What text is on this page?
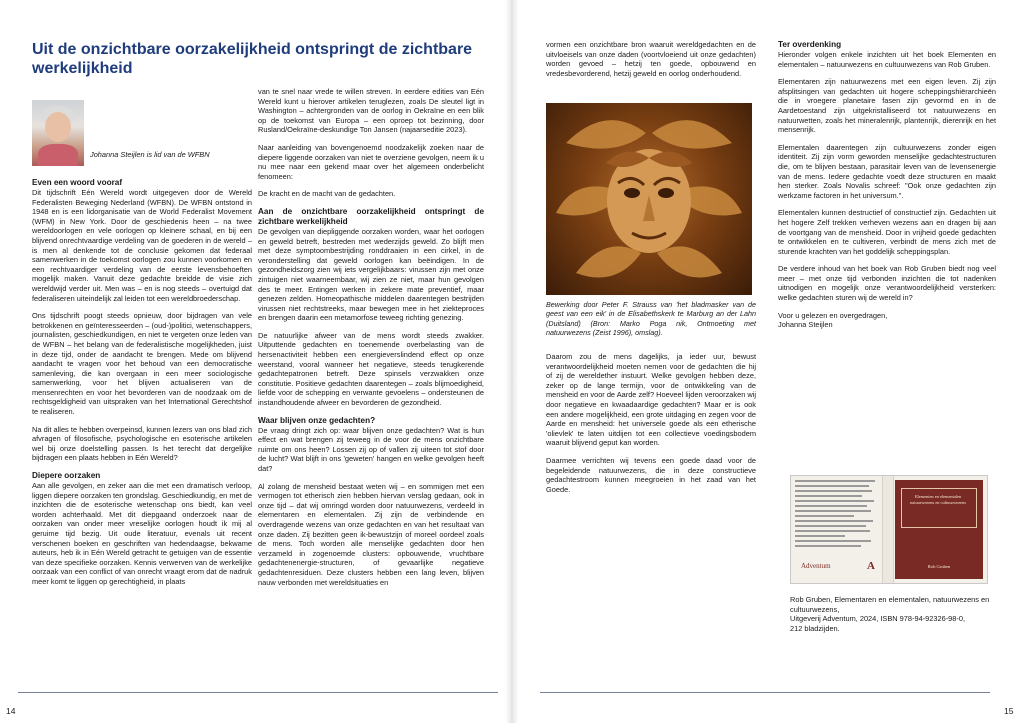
Uit de onzichtbare oorzakelijkheid ontspringt de zichtbare werkelijkheid
Johanna Steijlen is lid van de WFBN
Even een woord vooraf

Dit tijdschrift Eén Wereld wordt uitgegeven door de Wereld Federalisten Beweging Nederland (WFBN). De WFBN ontstond in 1948 en is een lidorganisatie van de World Federalist Movement (WFM) in New York. Door de geschiedenis heen – na twee wereldoorlogen en vele oorlogen op kleinere schaal, en bij een blijvend onrechtvaardige verdeling van de goederen in de wereld – is men al denkende tot de conclusie gekomen dat federaal samenwerken in de toekomst oorlogen zou kunnen voorkomen en een rechtvaardiger verdeling van de eerste levensbehoeften mogelijk maken. Vanuit deze gedachte breidde de visie zich wereldwijd verder uit. Men was – en is nog steeds – overtuigd dat federaliseren uiteindelijk zal leiden tot een wereldbroederschap.

Ons tijdschrift poogt steeds opnieuw, door bijdragen van vele betrokkenen en geïnteresseerden – (oud-)politici, wetenschappers, journalisten, geschiedkundigen, en niet te vergeten onze leden van de WFBN – het belang van de federalistische mogelijkheden, juist in deze tijd, onder de aandacht te brengen. Mede om blijvend aandacht te vragen voor het behoud van een democratische samenleving, die kan overgaan in een meer sociologische samenwerking, voor het blijven actualiseren van de mensenrechten en voor het bevorderen van de noodzaak om de rechtsgeldigheid van uitspraken van het International Gerechtshof te realiseren.

Na dit alles te hebben overpeinsd, kunnen lezers van ons blad zich afvragen of filosofische, psychologische en esoterische artikelen wel bij onze doelstelling passen. Is het terecht dat dergelijke bijdragen een plaats hebben in Eén Wereld?

Diepere oorzaken

Aan alle gevolgen, en zeker aan die met een dramatisch verloop, liggen diepere oorzaken ten grondslag. Geschiedkundig, en met de inzichten die de esoterische wetenschap ons biedt, kan veel worden achterhaald. Met dit diepgaand onderzoek naar de oorzaken van onder meer vreselijke oorlogen houdt ik mij al geruime tijd bezig. Uit oude literatuur, evenals uit recent verschenen boeken en geschriften van hedendaagse, bekwame auteurs, heb ik in Eén Wereld getracht te getuigen van de essentie van deze specifieke oorzaken. Kennis verwerven van de werkelijke oorzaak van een conflict of van onrecht vraagt erom dat de nadruk meer komt te liggen op gerechtigheid, in plaats

van te snel naar vrede te willen streven. In eerdere edities van Eén Wereld kunt u hierover artikelen teruglezen, zoals De sleutel ligt in Washington – achtergronden van de oorlog in Oekraïne en een blik op de toekomst van Europa – een oproep tot bezinning, door Rusland/Oekraïne-deskundige Ton Jansen (najaarseditie 2023).

Naar aanleiding van bovengenoemd noodzakelijk zoeken naar de diepere liggende oorzaken van niet te overziene gevolgen, neem ik u nu mee naar een gekend maar over het algemeen onderbelicht fenomeen:

De kracht en de macht van de gedachten.

Aan de onzichtbare oorzakelijkheid ontspringt de zichtbare werkelijkheid

De gevolgen van diepliggende oorzaken worden, waar het oorlogen en geweld betreft, bestreden met wederzijds geweld. Zo blijft men met deze symptoombestrijding ronddraaien in een cirkel, in de veronderstelling dat geweld oorlogen kan beëindigen. In de gezondheidszorg zien wij iets vergelijkbaars: virussen zijn met onze zintuigen niet waarneembaar, wij zien ze niet, maar hun gevolgen des te meer. Entingen werken in zekere mate preventief, maar genezen zelden. Homeopathische middelen daarentegen bestrijden virussen niet rechtstreeks, maar bewegen mee in het ziekteproces en brengen daarin een metamorfose teweeg richting genezing.

De natuurlijke afweer van de mens wordt steeds zwakker. Uitputtende gedachten en toenemende overbelasting van de hersenactiviteit hebben een energieverslindend effect op onze weerstand, vooral wanneer het negatieve, steeds terugkerende gedachtepatronen betreft. Deze spinsels verzwakken onze constitutie. Positieve gedachten daarentegen – zoals blijmoedigheid, liefde voor de schepping en verwante gevoelens – ondersteunen de instandhoudende afweer en bevorderen de gezondheid.

Waar blijven onze gedachten?

De vraag dringt zich op: waar blijven onze gedachten? Wat is hun effect en wat brengen zij teweeg in de voor de mens onzichtbare ruimte om ons heen? Lossen zij op of vallen zij uiteen tot stof door de lucht? Wat blijft in ons 'geweten' hangen en welke gevolgen heeft dat?

Al zolang de mensheid bestaat weten wij – en sommigen met een vermogen tot etherisch zien hebben hiervan verslag gedaan, ook in onze tijd – dat wij omringd worden door natuurwezens, verdeeld in elementaren en elementalen. Zij zijn de verbindende en overdragende wezens van onze gedachten en van het resultaat van onze daden. Zij bezitten geen ik-bewustzijn of moreel oordeel zoals de mens. Toch worden alle menselijke gedachten door hen verzameld in zogenoemde clusters: opbouwende, vruchtbare gedachtenenergie-structuren, of gevaarlijke negatieve gedachtenresiduen. Deze clusters hebben een lang leven, blijven nauw verbonden met wereldsituaties en

14

vormen een onzichtbare bron waaruit wereldgedachten en de uitvloeisels van onze daden (voortvloeiend uit onze gedachten) worden gevoed – hetzij ten goede, opbouwend en vredesbevorderend, hetzij geweld en oorlog onderhoudend.

Bewerking door Peter F. Strauss van 'het bladmasker van de geest van een eik' in de Elisabethskerk te Marburg an der Lahn (Duitsland) (Bron: Marko Poga nik, Ontmoeting met natuurwezens (Zeist 1996), omslag).

Daarom zou de mens dagelijks, ja ieder uur, bewust verantwoordelijkheid moeten nemen voor de gedachten die hij of zij de wereldether instuurt. Welke gevolgen hebben deze, zeker op de lange termijn, voor de ontwikkeling van de mensheid en voor de Aarde zelf? Hoeveel lijden veroorzaken wij door negatieve en kwaadaardige gedachten? Maar er is ook een andere mogelijkheid, een grote uitdaging en zegen voor de Aarde en mensheid: het universele goede als een etherische 'olievlek' te laten uitdijen tot een collectieve voedingsbodem waaruit blijvend geput kan worden.

Daarmee verrichten wij tevens een goede daad voor de begeleidende natuurwezens, die in deze constructieve gedachtestroom kunnen meegroeien in het zaad van het Goede.

Ter overdenking

Hieronder volgen enkele inzichten uit het boek Elementen en elementalen – natuurwezens en cultuurwezens van Rob Gruben.

Elementaren zijn natuurwezens met een eigen leven. Zij zijn afsplitsingen van gedachten uit hogere scheppingshiërarchieën die in vroegere planetaire fasen zijn gevormd en in de Aardetoestand zijn uitgekristalliseerd tot natuurwezens en natuurwetten, zoals het mineralenrijk, plantenrijk, dierenrijk en het mensenrijk.

Elementalen daarentegen zijn cultuurwezens zonder eigen identiteit. Zij zijn vorm geworden menselijke gedachtestructuren die, om te blijven bestaan, parasitair leven van de levensenergie van de mens. Iedere gedachte voedt deze structuren en maakt hen sterker. Zoals Novalis schreef: "Ook onze gedachten zijn werkzame factoren in het universum.".

Elementalen kunnen destructief of constructief zijn. Gedachten uit het hogere Zelf trekken verheven wezens aan en dragen bij aan de voortgang van de mensheid. Door in vrijheid goede gedachten te ontwikkelen en te cultiveren, verbindt de mens zich met de sturende krachten van het goddelijk scheppingsplan.

De verdere inhoud van het boek van Rob Gruben biedt nog veel meer – met onze tijd verbonden inzichten die tot nadenken uitnodigen en mogelijk onze verantwoordelijkheid versterken: welke gedachten sturen wij de wereld in?

Voor u gelezen en overgedragen,
Johanna Steijlen
Adventum	A
Elementen en elementalen
natuurwezens en cultuurwezens
Rob Gruben
Rob Gruben, Elementaren en elementalen, natuurwezens en cultuurwezens,
Uitgeverij Adventum, 2024, ISBN 978-94-92326-98-0,
212 bladzijden.
15
